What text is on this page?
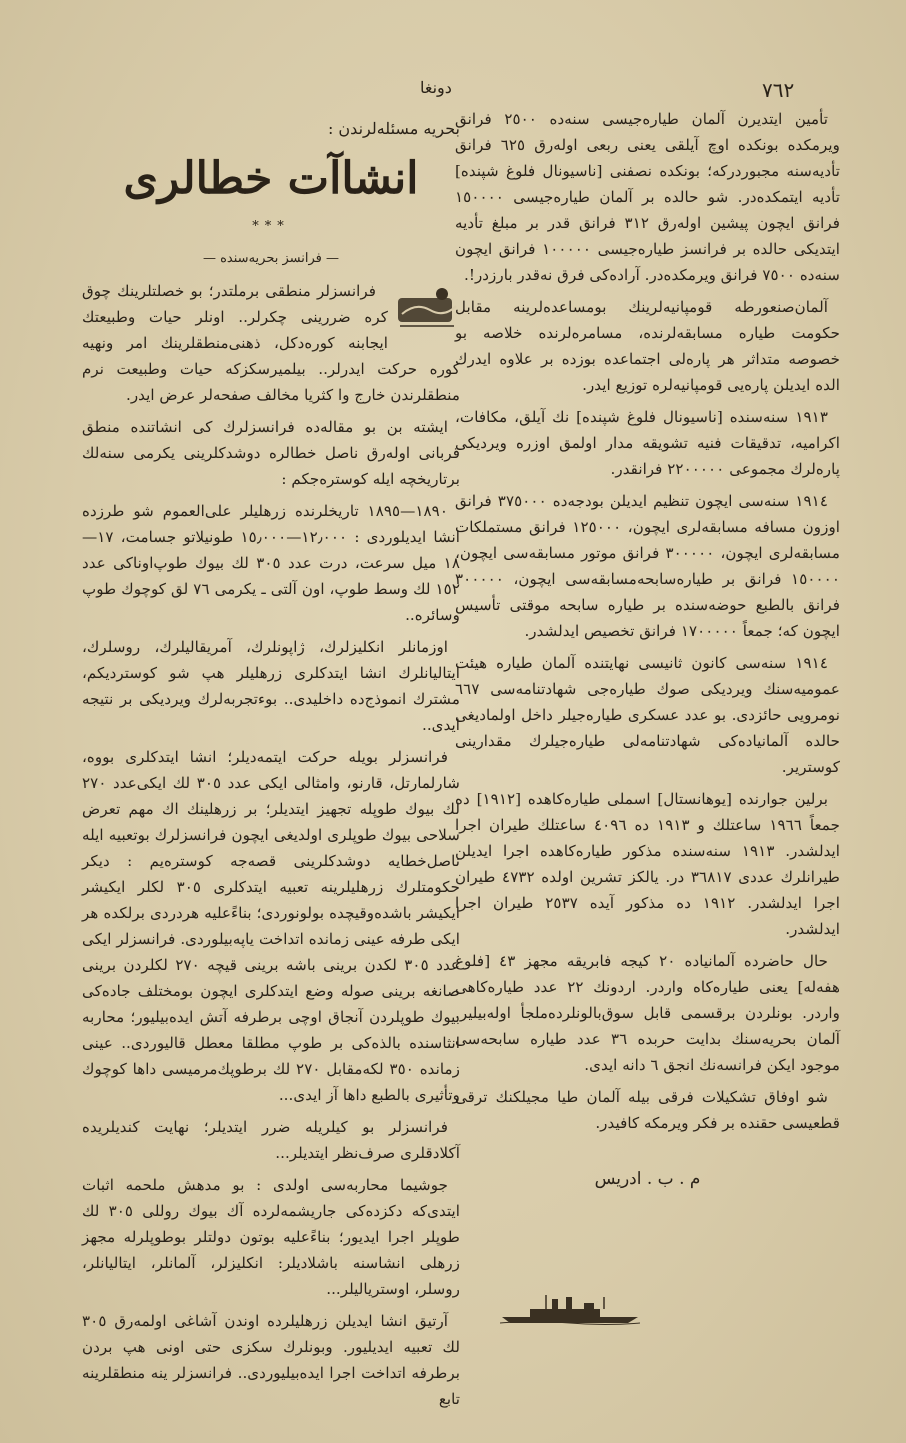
٧٦٢
دونغا

تأمین ایتدیرن آلمان طیاره‌جیسی سنه‌ده ٢٥٠٠ فرانق ویرمکده بونکده اوچ آیلقی یعنی ربعی اولەرق ٦٢٥ فرانق تأدیه‌سنه مجبوردرکه؛ بونکده نصفنی [ناسیونال فلوغ شپنده] تأدیه ایتمکده‌در. شو حالده بر آلمان طیاره‌جیسی ١٥٠٠٠٠ فرانق ایچون پیشین اولەرق ٣١٢ فرانق قدر بر مبلغ تأدیه ایتدیکی حالده بر فرانسز طیاره‌جیسی ١٠٠٠٠٠ فرانق ایچون سنه‌ده ٧٥٠٠ فرانق ویرمکده‌در. آراده‌کی فرق نه‌قدر بارزدر!.

آلمان‌صنعورطه قومپانیه‌لرینك بومساعده‌لرینه مقابل حکومت طیاره مسابقه‌لرنده، مسامره‌لرنده خلاصه بو خصوصه متداثر هر پارەلی اجتماعده بوزده بر علاوه ایدرك الده ایدیلن پارەیی قومپانیه‌لره توزیع ایدر.

١٩١٣ سنه‌سنده [ناسیونال فلوغ شپنده] نك آیلق، مکافات، اکرامیه، تدقیقات فنیه تشویقه مدار اولمق اوزره ویردیکی پاره‌لرك مجموعی ٢٢٠٠٠٠٠ فرانقدر.

١٩١٤ سنه‌سی ایچون تنظیم ایدیلن بودجه‌ده ٣٧٥٠٠٠ فرانق اوزون مسافه مسابقه‌لری ایچون، ١٢٥٠٠٠ فرانق مستملکات مسابقه‌لری ایچون، ٣٠٠٠٠٠ فرانق موتور مسابقه‌سی ایچون، ١٥٠٠٠٠ فرانق بر طیاره‌سابحه‌مسابقه‌سی ایچون، ٣٠٠٠٠٠ فرانق بالطبع حوضه‌سنده بر طیاره سابحه موقتی تأسیس ایچون که؛ جمعاً ١٧٠٠٠٠٠ فرانق تخصیص ایدلشدر.

١٩١٤ سنه‌سی کانون ثانیسی نهایتنده آلمان طیاره هیئت عمومیه‌سنك ویردیکی صوك طیاره‌جی شهادتنامه‌سی ٦٦٧ نومرویی حائزدی. بو عدد عسکری طیاره‌جیلر داخل اولمادیغی حالده آلمانیاده‌کی شهادتنامه‌لی طیاره‌جیلرك مقدارینی کوستریر.

برلین جوارنده [یوهانستال] اسملی طیاره‌کاهده [١٩١٢] ده جمعاً ١٩٦٦ ساعتلك و ١٩١٣ ده ٤٠٩٦ ساعتلك طیران اجرا ایدلشدر. ١٩١٣ سنه‌سنده مذکور طیاره‌کاهده اجرا ایدیلن طیرانلرك عددی ٣٦٨١٧ در. یالکز تشرین اولده ٤٧٣٢ طیران اجرا ایدلشدر. ١٩١٢ ده مذکور آیده ٢٥٣٧ طیران اجرا ایدلشدر.

حال حاضرده آلمانیاده ٢٠ کیجه فابریقه مجهز ٤٣ [فلوغ هفه‌له] یعنی طیاره‌کاه واردر. اردونك ٢٢ عدد طیاره‌کاهی واردر. بونلردن برقسمی قابل سوق‌بالونلرده‌ملجأ اوله‌بیلیر. آلمان بحریه‌سنك بدایت حربده ٣٦ عدد طیاره سابحه‌سی موجود ایکن فرانسه‌نك انجق ٦ دانه ایدی.

شو اوفاق تشکیلات فرقی بیله آلمان طیا مجیلکنك ترقی قطعیسی حقنده بر فکر ویرمکه کافیدر.

م . ب . ادریس
بحریه مسئله‌لرندن :
انشاآت خطالری
***
— فرانسز بحریه‌سنده —

فرانسزلر منطقی برملتدر؛ بو خصلتلرینك چوق کره ضررینی چکرلر.. اونلر حیات وطبیعتك ایجابنه کوره‌دکل، ذهنی‌منطقلرینك امر ونهیه کوره حرکت ایدرلر.. بیلمیرسکزکه حیات وطبیعت نرم منطقلرندن خارج وا کثریا مخالف صفحه‌لر عرض ایدر.

ایشته بن بو مقاله‌ده فرانسزلرك کی انشاتنده منطق قربانی اوله‌رق ناصل خطالره دوشدکلرینی یکرمی سنه‌لك برتاریخچه ایله کوستره‌جکم :

١٨٩٠—١٨٩٥ تاریخلرنده زرهلیلر علی‌العموم شو طرزده انشا ایدیلوردی : ١٢٫٠٠٠—١٥٫٠٠٠ طونیلاتو جسامت، ١٧—١٨ میل سرعت، درت عدد ٣٠٥ لك بیوك طوپ‌اوناکی عدد ١٥٢ لك وسط طوپ، اون آلتی ـ یکرمی ٧٦ لق کوچوك طوپ وسائره..

اوزمانلر انکلیزلرك، ژاپونلرك، آمریقالیلرك، روسلرك، ایتالیانلرك انشا ایتدکلری زرهلیلر هپ شو کوستردیکم، مشترك انموذج‌ده داخلیدی.. بوءتجربه‌لرك ویردیکی بر نتیجه ایدی..

فرانسزلر بویله حرکت ایتمه‌دیلر؛ انشا ایتدکلری بووه، شارلمارتل، قارنو، وامثالی ایکی عدد ٣٠٥ لك ایکی‌عدد ٢٧٠ لك بیوك طوپله تجهیز ایتدیلر؛ بر زرهلینك اك مهم تعرض سلاحی بیوك طوپلری اولدیغی ایچون فرانسزلرك بوتعبیه ایله ناصل‌خطایه دوشدکلرینی قصه‌جه کوستره‌یم : دیکر حکومتلرك زرهلیلرینه تعبیه ایتدکلری ٣٠٥ لکلر ایکیشر ایکیشر باشده‌وقیچده بولونوردی؛ بناءً‌علیه هر‌دردی برلکده هر ایکی طرفه عینی زمانده اتداخت یاپه‌بیلوردی. فرانسزلر ایکی عدد ٣٠٥ لکدن برینی باشه برینی قیچه ٢٧٠ لکلردن برینی صانغه برینی صوله وضع ایتدکلری ایچون بومختلف جاده‌کی بیوك طوپلردن آنجاق اوچی برطرفه آتش ایدەبیلیور؛ محاربه انثاسنده بالذه‌کی بر طوپ مطلقا معطل قالیوردی.. عینی زمانده ٣٥٠ لکه‌مقابل ٢٧٠ لك برطوپك‌مرمیسی داها کوچوك وتأثیری بالطبع داها آز ایدی...

فرانسزلر بو کیلریله ضرر ایتدیلر؛ نهایت کندیلریده آکلادقلری صرف‌نظر ایتدیلر...

جوشیما محاربه‌سی اولدی : بو مدهش ملحمه اثبات ایتدی‌که دکزده‌کی جاریشمه‌لرده آك بیوك روللی ٣٠٥ لك طوپلر اجرا ایدیور؛ بناءً‌علیه بوتون دولتلر بوطوپلرله مجهز زرهلی انشاسنه باشلادیلر: انکلیزلر، آلمانلر، ایتالیانلر، روسلر، اوستریالیلر...

آرتیق انشا ایدیلن زرهلیلرده اوندن آشاغی اولمه‌رق ٣٠٥ لك تعبیه ایدیلیور. وبونلرك سکزی حتی اونی هپ بردن برطرفه اتداخت اجرا ایده‌بیلیوردی.. فرانسزلر ینه منطقلرینه تابع
